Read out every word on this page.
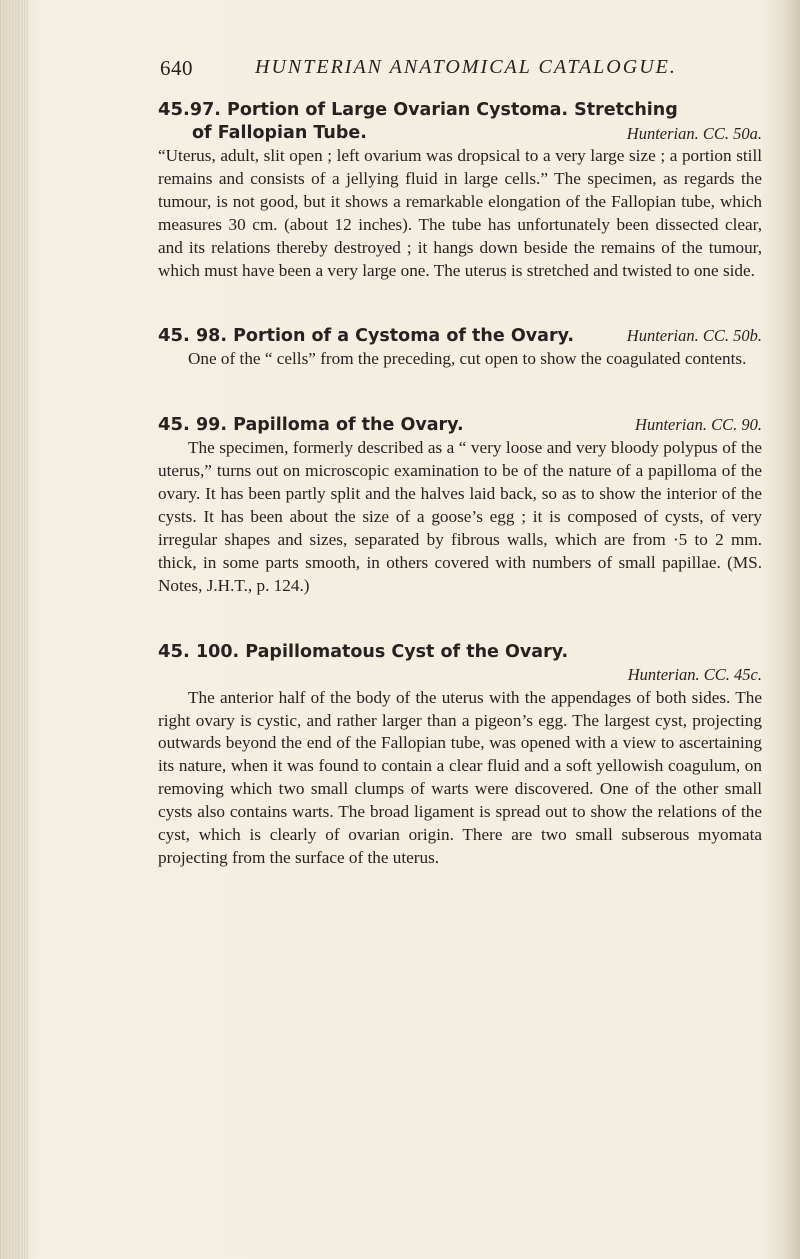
640	HUNTERIAN ANATOMICAL CATALOGUE.
45.97. Portion of Large Ovarian Cystoma. Stretching
of Fallopian Tube.	Hunterian. CC. 50a.

“Uterus, adult, slit open ; left ovarium was dropsical to a very large size ; a portion still remains and consists of a jellying fluid in large cells.” The specimen, as regards the tumour, is not good, but it shows a remarkable elongation of the Fallopian tube, which measures 30 cm. (about 12 inches). The tube has unfortunately been dissected clear, and its relations thereby destroyed ; it hangs down beside the remains of the tumour, which must have been a very large one. The uterus is stretched and twisted to one side.

45. 98. Portion of a Cystoma of the Ovary.	Hunterian. CC. 50b.

One of the “ cells” from the preceding, cut open to show the coagulated contents.

45. 99. Papilloma of the Ovary.	Hunterian. CC. 90.

The specimen, formerly described as a “ very loose and very bloody polypus of the uterus,” turns out on microscopic examination to be of the nature of a papilloma of the ovary. It has been partly split and the halves laid back, so as to show the interior of the cysts. It has been about the size of a goose’s egg ; it is composed of cysts, of very irregular shapes and sizes, separated by fibrous walls, which are from ·5 to 2 mm. thick, in some parts smooth, in others covered with numbers of small papillae. (MS. Notes, J.H.T., p. 124.)

45. 100. Papillomatous Cyst of the Ovary.
Hunterian. CC. 45c.

The anterior half of the body of the uterus with the appendages of both sides. The right ovary is cystic, and rather larger than a pigeon’s egg. The largest cyst, projecting outwards beyond the end of the Fallopian tube, was opened with a view to ascertaining its nature, when it was found to contain a clear fluid and a soft yellowish coagulum, on removing which two small clumps of warts were discovered. One of the other small cysts also contains warts. The broad ligament is spread out to show the relations of the cyst, which is clearly of ovarian origin. There are two small subserous myomata projecting from the surface of the uterus.
